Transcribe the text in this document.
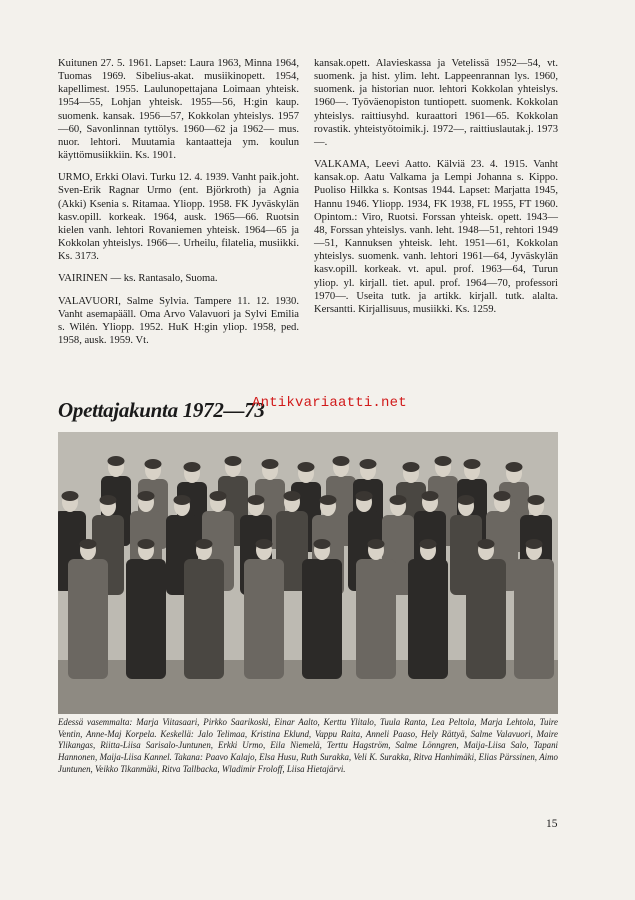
Kuitunen 27. 5. 1961. Lapset: Laura 1963, Minna 1964, Tuomas 1969. Sibelius-akat. musiikinopett. 1954, kapellimest. 1955. Laulunopettajana Loimaan yhteisk. 1954—55, Lohjan yhteisk. 1955—56, H:gin kaup. suomenk. kansak. 1956—57, Kokkolan yhteislys. 1957—60, Savonlinnan tyttölys. 1960—62 ja 1962— mus. nuor. lehtori. Muutamia kantaatteja ym. koulun käyttömusiikkiin. Ks. 1901.

URMO, Erkki Olavi. Turku 12. 4. 1939. Vanht paik.joht. Sven-Erik Ragnar Urmo (ent. Björkroth) ja Agnia (Akki) Ksenia s. Ritamaa. Ylioрp. 1958. FK Jyväskylän kasv.opill. korkeak. 1964, ausk. 1965—66. Ruotsin kielen vanh. lehtori Rovaniemen yhteisk. 1964—65 ja Kokkolan yhteislys. 1966—. Urheilu, filatelia, musiikki. Ks. 3173.

VAIRINEN — ks. Rantasalo, Suoma.

VALAVUORI, Salme Sylvia. Tampere 11. 12. 1930. Vanht asemapääll. Oma Arvo Valavuori ja Sylvi Emilia s. Wilén. Ylioрp. 1952. HuK H:gin yliop. 1958, ped. 1958, ausk. 1959. Vt.

kansak.opett. Alavieskassa ja Vetelissä 1952—54, vt. suomenk. ja hist. ylim. leht. Lappeenrannan lys. 1960, suomenk. ja historian nuor. lehtori Kokkolan yhteislys. 1960—. Työväenopiston tuntiopett. suomenk. Kokkolan yhteislys. raittiusyhd. kuraattori 1961—65. Kokkolan rovastik. yhteistyötoimik.j. 1972—, raittiuslautak.j. 1973—.

VALKAMA, Leevi Aatto. Kälviä 23. 4. 1915. Vanht kansak.op. Aatu Valkama ja Lempi Johanna s. Kippo. Puoliso Hilkka s. Kontsas 1944. Lapset: Marjatta 1945, Hannu 1946. Ylioрp. 1934, FK 1938, FL 1955, FT 1960. Opintom.: Viro, Ruotsi. Forssan yhteisk. opett. 1943—48, Forssan yhteislys. vanh. leht. 1948—51, rehtori 1949—51, Kannuksen yhteisk. leht. 1951—61, Kokkolan yhteislys. suomenk. vanh. lehtori 1961—64, Jyväskylän kasv.opill. korkeak. vt. apul. prof. 1963—64, Turun yliop. yl. kirjall. tiet. apul. prof. 1964—70, professori 1970—. Useita tutk. ja artikk. kirjall. tutk. alalta. Kersantti. Kirjallisuus, musiikki. Ks. 1259.

Opettajakunta 1972—73
Antikvariaatti.net
Edessä vasemmalta: Marja Viitasaari, Pirkko Saarikoski, Einar Aalto, Kerttu Ylitalo, Tuula Ranta, Lea Peltola, Marja Lehtola, Tuire Ventin, Anne-Maj Korpela. Keskellä: Jalo Telimaa, Kristina Eklund, Vappu Raita, Anneli Paaso, Hely Rättyä, Salme Valavuori, Maire Ylikangas, Riitta-Liisa Sarisalo-Juntunen, Erkki Urmo, Eila Niemelä, Terttu Hagström, Salme Lönngren, Maija-Liisa Salo, Tapani Hannonen, Maija-Liisa Kannel. Takana: Paavo Kalajo, Elsa Husu, Ruth Surakka, Veli K. Surakka, Ritva Hanhimäki, Elias Pärssinen, Aimo Juntunen, Veikko Tikanmäki, Ritva Tallbacka, Wladimir Froloff, Liisa Hietajärvi.
15
